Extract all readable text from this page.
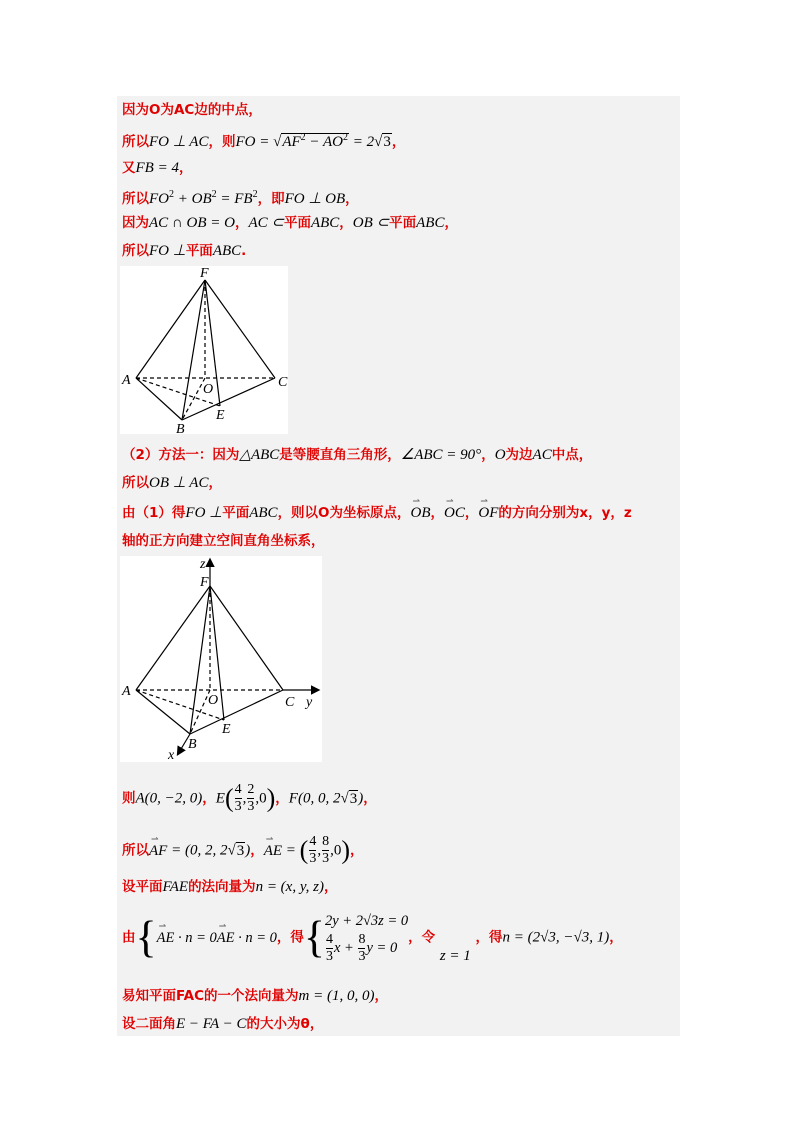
因为O为AC边的中点，
所以FO ⊥ AC，则FO = $√AF^2 - AO^2 = 2√3$，
又FB = 4，
所以$FO^2 + OB^2 = FB^2$，即FO ⊥ OB，
因为AC ∩ OB = O，AC ⊂平面ABC，OB ⊂平面ABC，
所以FO ⊥平面ABC.
F
A	C
O
E
B
（2）方法一：因为△ABC是等腰直角三角形，∠ABC = 90°，O为边AC中点，
所以OB ⊥ AC，
由（1）得FO ⊥平面ABC，则以O为坐标原点，⇀ OB，⇀ OC，⇀ OF的方向分别为x，y，z
轴的正方向建立空间直角坐标系，
z
F
A
C y
O
E
B
x
则A(0, −2, 0)，$E( \frac{4}{3}$ , $\frac{2}{3} ,0$)，F(0, 0, 2√3)，
所以⇀ AF = (0, 2, 2√3)，⇀ AE = ( $\frac{4}{3}$ , $\frac{8}{3} ,0$)，
设平面FAE的法向量为n = (x, y, z)，
由{⇀ AE · n = 0⇀ AE · n = 0，得{ 2y + 2√3z = 0
$\frac{4}{3}$ $x + \frac{8}{3}$ y = 0
，令 z = 1 ，得n = (2√3, −√3, 1)，
易知平面FAC的一个法向量为m = (1, 0, 0)，
设二面角E − FA − C的大小为θ，
